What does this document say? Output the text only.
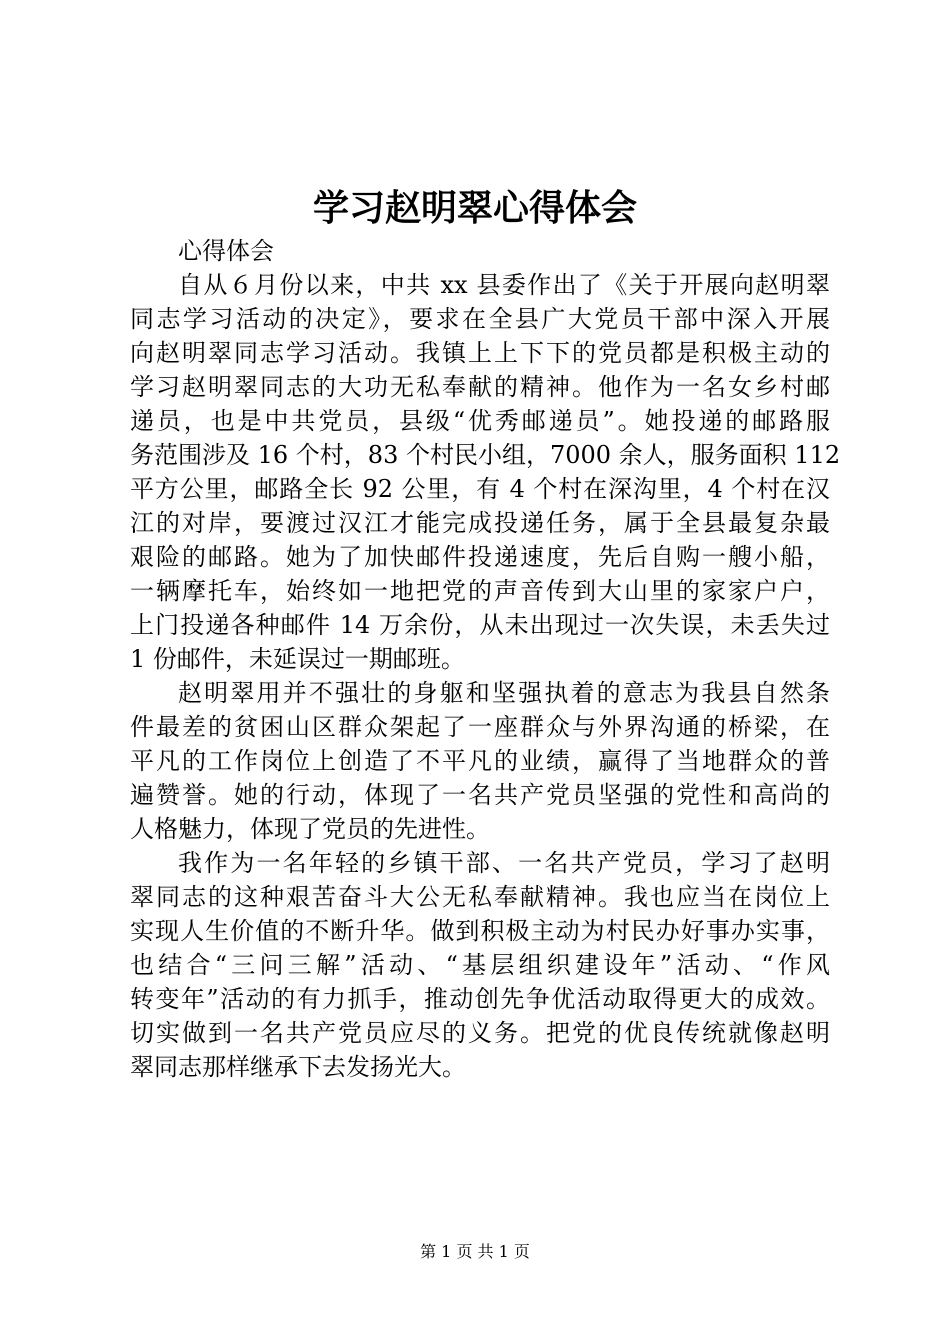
学习赵明翠心得体会
心得体会
自从６月份以来，中共 xx 县委作出了《关于开展向赵明翠
同志学习活动的决定》，要求在全县广大党员干部中深入开展
向赵明翠同志学习活动。我镇上上下下的党员都是积极主动的
学习赵明翠同志的大功无私奉献的精神。他作为一名女乡村邮
递员，也是中共党员，县级“优秀邮递员”。她投递的邮路服
务范围涉及 16 个村，83 个村民小组，7000 余人，服务面积 112
平方公里，邮路全长 92 公里，有 4 个村在深沟里，4 个村在汉
江的对岸，要渡过汉江才能完成投递任务，属于全县最复杂最
艰险的邮路。她为了加快邮件投递速度，先后自购一艘小船，
一辆摩托车，始终如一地把党的声音传到大山里的家家户户，
上门投递各种邮件 14 万余份，从未出现过一次失误，未丢失过
1 份邮件，未延误过一期邮班。
赵明翠用并不强壮的身躯和坚强执着的意志为我县自然条
件最差的贫困山区群众架起了一座群众与外界沟通的桥梁，在
平凡的工作岗位上创造了不平凡的业绩，赢得了当地群众的普
遍赞誉。她的行动，体现了一名共产党员坚强的党性和高尚的
人格魅力，体现了党员的先进性。
我作为一名年轻的乡镇干部、一名共产党员，学习了赵明
翠同志的这种艰苦奋斗大公无私奉献精神。我也应当在岗位上
实现人生价值的不断升华。做到积极主动为村民办好事办实事，
也结合“三问三解”活动、“基层组织建设年”活动、“作风
转变年”活动的有力抓手，推动创先争优活动取得更大的成效。
切实做到一名共产党员应尽的义务。把党的优良传统就像赵明
翠同志那样继承下去发扬光大。
第 1 页 共 1 页
